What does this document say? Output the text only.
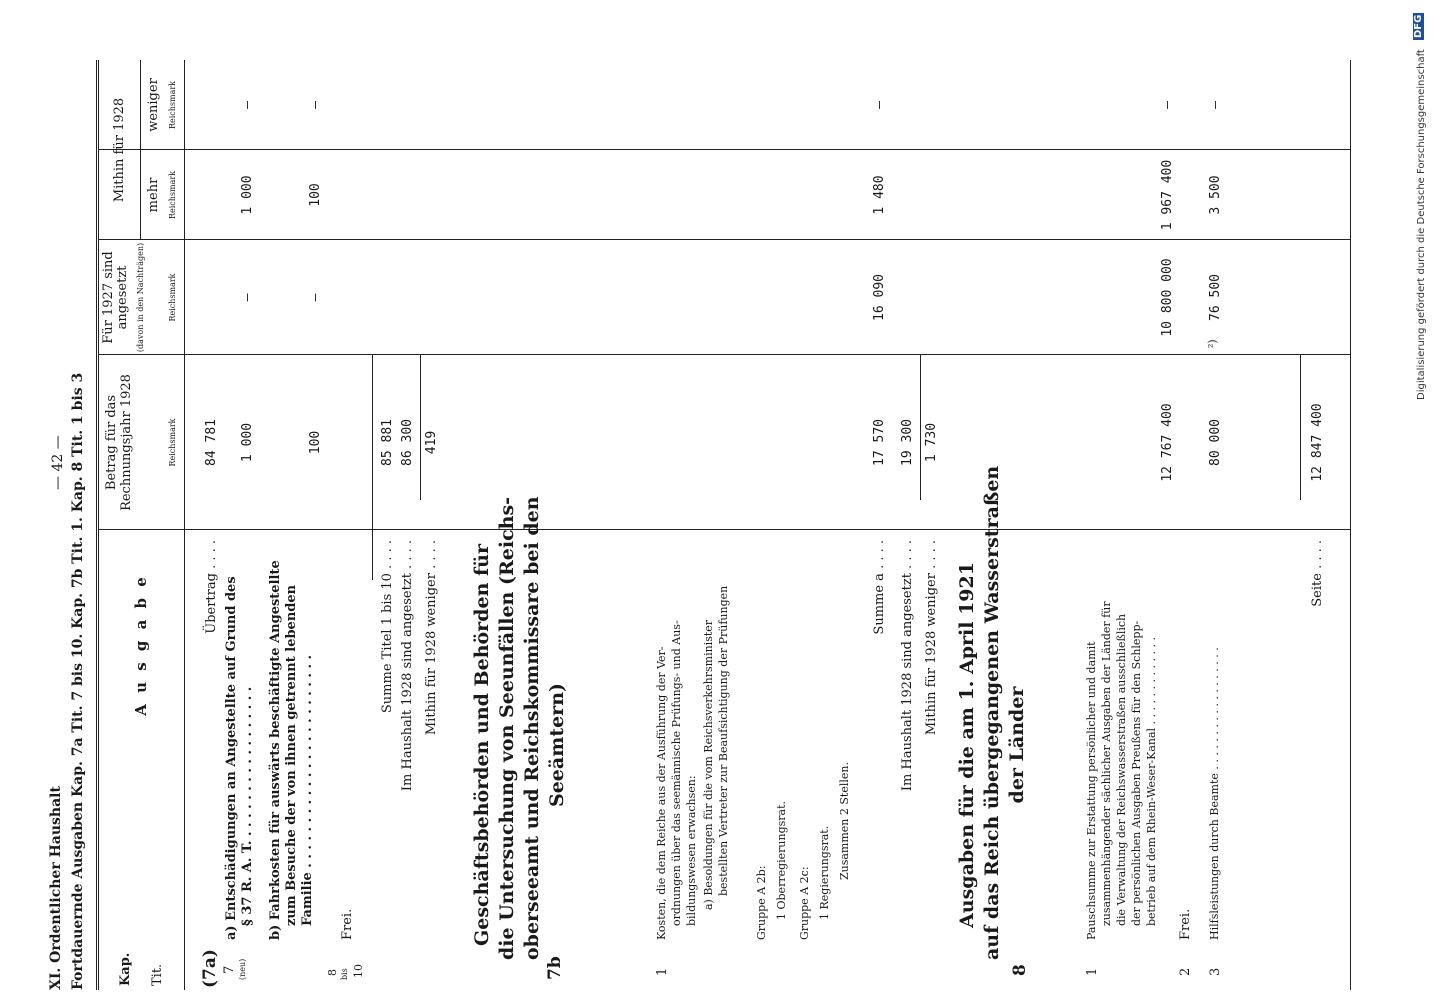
XI. Ordentlicher Haushalt
— 42 — Fortdauernde Ausgaben Kap. 7a Tit. 7 bis 10. Kap. 7b Tit. 1. Kap. 8 Tit. 1 bis 3 Kap. Tit.
A u s g a b e
Betrag für das Rechnungsjahr 1928	Reichsmark
Für 1927 sind angesetzt (davon in den Nachträgen)	Reichsmark
Mithin für 1928 mehr Reichsmark
weniger Reichsmark
(7a)
Übertrag . . . .
84 781
7 (neu)
a) Entschädigungen an Angestellte auf Grund des § 37 R. A. T. . . . . . . . . . . . . . . . . .
1 000
—
1 000
—
b) Fahrkosten für auswärts beschäftigte Angestellte zum Besuche der von ihnen getrennt lebenden Familie . . . . . . . . . . . . . . . . . . . . . . . .
100
—
100
—
8 bis 10
Frei.
Summe Titel 1 bis 10 . . . .
85 881
Im Haushalt 1928 sind angesetzt . . . .
86 300
Mithin für 1928 weniger . . . .
419
7b
Geschäftsbehörden und Behörden für die Untersuchung von Seeunfällen (Reichs- oberseeamt und Reichskommissare bei den Seeämtern)
1
Kosten, die dem Reiche aus der Ausführung der Ver- ordnungen über das seemännische Prüfungs- und Aus- bildungswesen erwachsen: a) Besoldungen für die vom Reichsverkehrsminister bestellten Vertreter zur Beaufsichtigung der Prüfungen
Gruppe A 2b: 1 Oberregierungsrat. Gruppe A 2c: 1 Regierungsrat. Zusammen 2 Stellen.
Summe a . . . .
17 570
16 090
1 480
—
Im Haushalt 1928 sind angesetzt . . . .
19 300
Mithin für 1928 weniger . . . .
1 730
8
Ausgaben für die am 1. April 1921 auf das Reich übergegangenen Wasserstraßen der Länder
1
Pauschsumme zur Erstattung persönlicher und damit zusammenhängender sächlicher Ausgaben der Länder für die Verwaltung der Reichswasserstraßen ausschließlich der persönlichen Ausgaben Preußens für den Schlepp- betrieb auf dem Rhein-Weser-Kanal . . . . . . . . . . . . .
12 767 400
10 800 000
1 967 400
—
2
Frei.
3
Hilfsleistungen durch Beamte . . . . . . . . . . . . . . . . . .
80 000
²)
76 500
3 500
—
Seite . . . .
12 847 400
Digitalisierung gefördert durch die Deutsche Forschungsgemeinschaft
DFG
